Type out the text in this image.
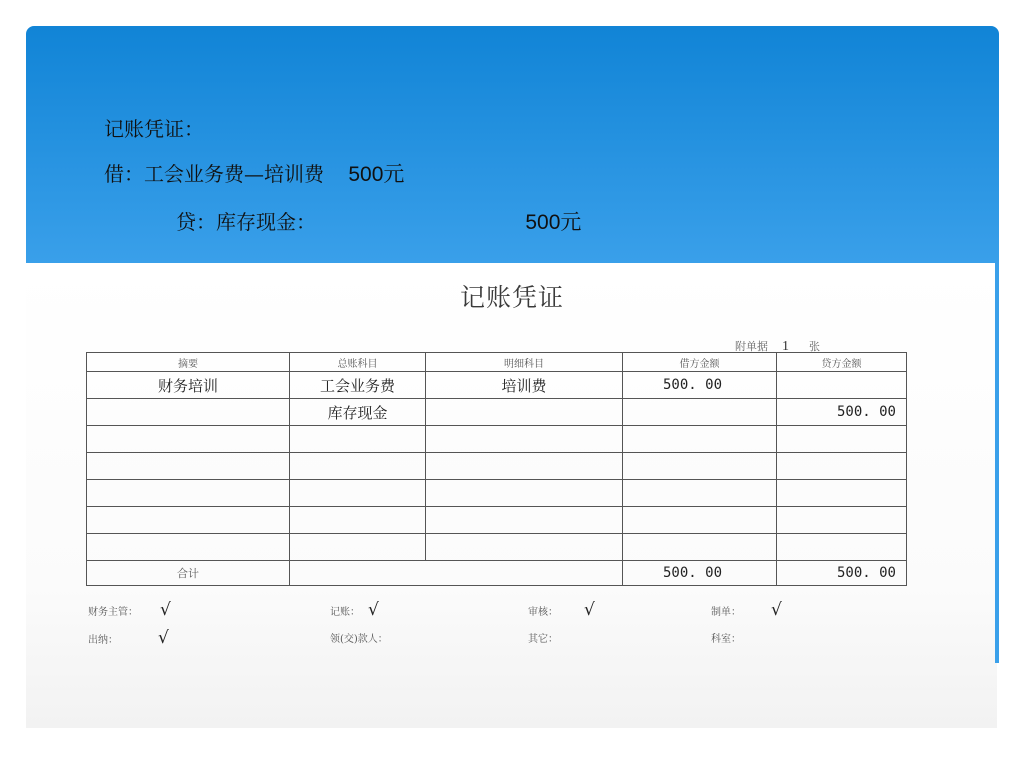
记账凭证：
借：工会业务费—培训费 500元
贷：库存现金：	500元
记账凭证
附单据 1 张
摘要	总账科目	明细科目	借方金额	贷方金额
财务培训	工会业务费	培训费	500. 00	
	库存现金			500. 00

合计			500. 00	500. 00
财务主管： √	记账： √	审核： √	制单： √
出纳： √	领(交)款人：	其它：	科室：
